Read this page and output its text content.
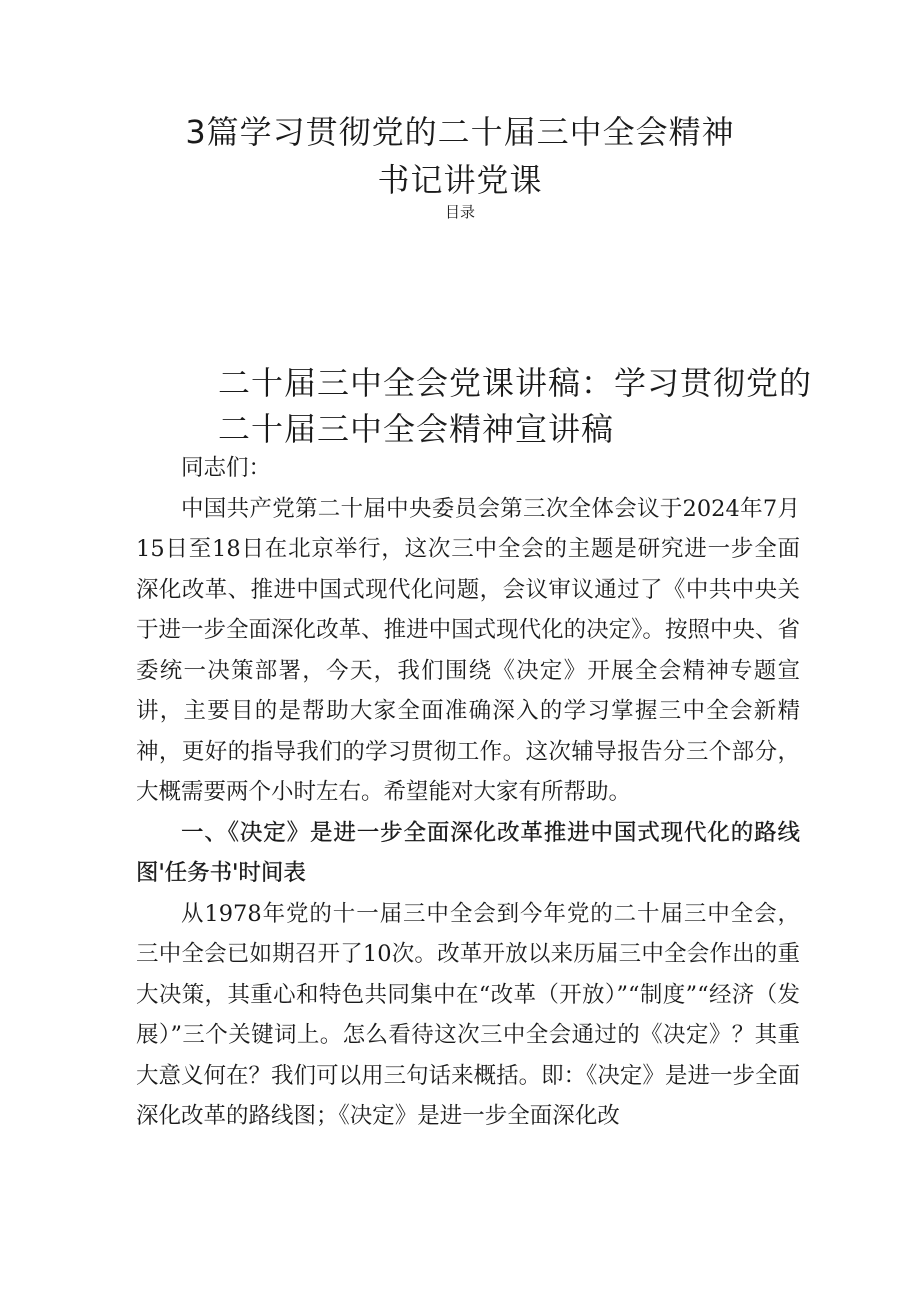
3篇学习贯彻党的二十届三中全会精神
书记讲党课
目录
二十届三中全会党课讲稿：学习贯彻党的
二十届三中全会精神宣讲稿

同志们：

中国共产党第二十届中央委员会第三次全体会议于2024年7月15日至18日在北京举行，这次三中全会的主题是研究进一步全面深化改革、推进中国式现代化问题，会议审议通过了《中共中央关于进一步全面深化改革、推进中国式现代化的决定》。按照中央、省委统一决策部署，今天，我们围绕《决定》开展全会精神专题宣讲，主要目的是帮助大家全面准确深入的学习掌握三中全会新精神，更好的指导我们的学习贯彻工作。这次辅导报告分三个部分，大概需要两个小时左右。希望能对大家有所帮助。

一、《决定》是进一步全面深化改革推进中国式现代化的路线图'任务书'时间表

从1978年党的十一届三中全会到今年党的二十届三中全会，三中全会已如期召开了10次。改革开放以来历届三中全会作出的重大决策，其重心和特色共同集中在“改革（开放）”“制度”“经济（发展）”三个关键词上。怎么看待这次三中全会通过的《决定》？其重大意义何在？我们可以用三句话来概括。即：《决定》是进一步全面深化改革的路线图；《决定》是进一步全面深化改
